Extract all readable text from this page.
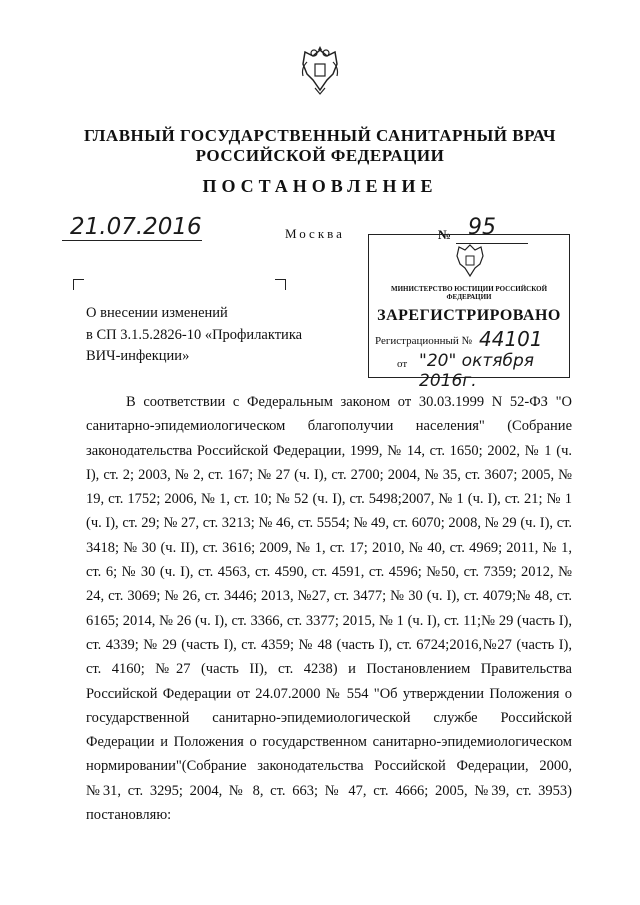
ГЛАВНЫЙ ГОСУДАРСТВЕННЫЙ САНИТАРНЫЙ ВРАЧ
РОССИЙСКОЙ ФЕДЕРАЦИИ
ПОСТАНОВЛЕНИЕ
21.07.2016	Москва	№ 95
О внесении изменений
в СП 3.1.5.2826-10 «Профилактика
ВИЧ-инфекции»
МИНИСТЕРСТВО ЮСТИЦИИ РОССИЙСКОЙ ФЕДЕРАЦИИ
ЗАРЕГИСТРИРОВАНО
Регистрационный № 44101
от "20" октября 2016г.
В соответствии с Федеральным законом от 30.03.1999 N 52-ФЗ "О санитарно-эпидемиологическом благополучии населения" (Собрание законодательства Российской Федерации, 1999, № 14, ст. 1650; 2002, № 1 (ч. I), ст. 2; 2003, № 2, ст. 167; № 27 (ч. I), ст. 2700; 2004, № 35, ст. 3607; 2005, № 19, ст. 1752; 2006, № 1, ст. 10; № 52 (ч. I), ст. 5498;2007, № 1 (ч. I), ст. 21; № 1 (ч. I), ст. 29; № 27, ст. 3213; № 46, ст. 5554; № 49, ст. 6070; 2008, № 29 (ч. I), ст. 3418; № 30 (ч. II), ст. 3616; 2009, № 1, ст. 17; 2010, № 40, ст. 4969; 2011, № 1, ст. 6; № 30 (ч. I), ст. 4563, ст. 4590, ст. 4591, ст. 4596; №50, ст. 7359; 2012, № 24, ст. 3069; № 26, ст. 3446; 2013, №27, ст. 3477; № 30 (ч. I), ст. 4079;№ 48, ст. 6165; 2014, № 26 (ч. I), ст. 3366, ст. 3377; 2015, № 1 (ч. I), ст. 11;№ 29 (часть I), ст. 4339; № 29 (часть I), ст. 4359; № 48 (часть I), ст. 6724;2016,№27 (часть I), ст. 4160; №27 (часть II), ст. 4238) и Постановлением Правительства Российской Федерации от 24.07.2000 № 554 "Об утверждении Положения о государственной санитарно-эпидемиологической службе Российской Федерации и Положения о государственном санитарно-эпидемиологическом нормировании"(Собрание законодательства Российской Федерации, 2000, №31, ст. 3295; 2004, № 8, ст. 663; № 47, ст. 4666; 2005, №39, ст. 3953) постановляю:
